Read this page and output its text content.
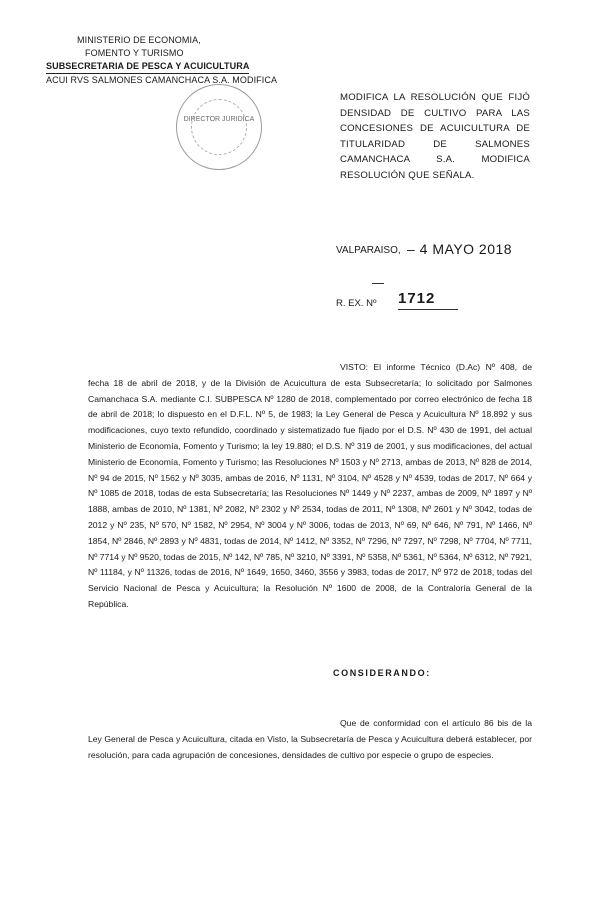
MINISTERIO DE ECONOMIA,
FOMENTO Y TURISMO
SUBSECRETARIA DE PESCA Y ACUICULTURA
ACUI RVS SALMONES CAMANCHACA S.A. MODIFICA
DIRECTOR JURIDICA
MODIFICA LA RESOLUCIÓN QUE FIJÓ DENSIDAD DE CULTIVO PARA LAS CONCESIONES DE ACUICULTURA DE TITULARIDAD DE SALMONES CAMANCHACA S.A. MODIFICA RESOLUCIÓN QUE SEÑALA.
VALPARAISO, – 4 MAYO 2018
R. EX. Nº 1712
VISTO: El informe Técnico (D.Ac) Nº 408, de fecha 18 de abril de 2018, y de la División de Acuicultura de esta Subsecretaría; lo solicitado por Salmones Camanchaca S.A. mediante C.I. SUBPESCA Nº 1280 de 2018, complementado por correo electrónico de fecha 18 de abril de 2018; lo dispuesto en el D.F.L. Nº 5, de 1983; la Ley General de Pesca y Acuicultura Nº 18.892 y sus modificaciones, cuyo texto refundido, coordinado y sistematizado fue fijado por el D.S. Nº 430 de 1991, del actual Ministerio de Economía, Fomento y Turismo; la ley 19.880; el D.S. Nº 319 de 2001, y sus modificaciones, del actual Ministerio de Economía, Fomento y Turismo; las Resoluciones Nº 1503 y Nº 2713, ambas de 2013, Nº 828 de 2014, Nº 94 de 2015, Nº 1562 y Nº 3035, ambas de 2016, Nº 1131, Nº 3104, Nº 4528 y Nº 4539, todas de 2017, Nº 664 y Nº 1085 de 2018, todas de esta Subsecretaría; las Resoluciones Nº 1449 y Nº 2237, ambas de 2009, Nº 1897 y Nº 1888, ambas de 2010, Nº 1381, Nº 2082, Nº 2302 y Nº 2534, todas de 2011, Nº 1308, Nº 2601 y Nº 3042, todas de 2012 y Nº 235, Nº 570, Nº 1582, Nº 2954, Nº 3004 y Nº 3006, todas de 2013, Nº 69, Nº 646, Nº 791, Nº 1466, Nº 1854, Nº 2846, Nº 2893 y Nº 4831, todas de 2014, Nº 1412, Nº 3352, Nº 7296, Nº 7297, Nº 7298, Nº 7704, Nº 7711, Nº 7714 y Nº 9520, todas de 2015, Nº 142, Nº 785, Nº 3210, Nº 3391, Nº 5358, Nº 5361, Nº 5364, Nº 6312, Nº 7921, Nº 11184, y Nº 11326, todas de 2016, Nº 1649, 1650, 3460, 3556 y 3983, todas de 2017, Nº 972 de 2018, todas del Servicio Nacional de Pesca y Acuicultura; la Resolución Nº 1600 de 2008, de la Contraloría General de la República.
CONSIDERANDO:
Que de conformidad con el artículo 86 bis de la Ley General de Pesca y Acuicultura, citada en Visto, la Subsecretaría de Pesca y Acuicultura deberá establecer, por resolución, para cada agrupación de concesiones, densidades de cultivo por especie o grupo de especies.
